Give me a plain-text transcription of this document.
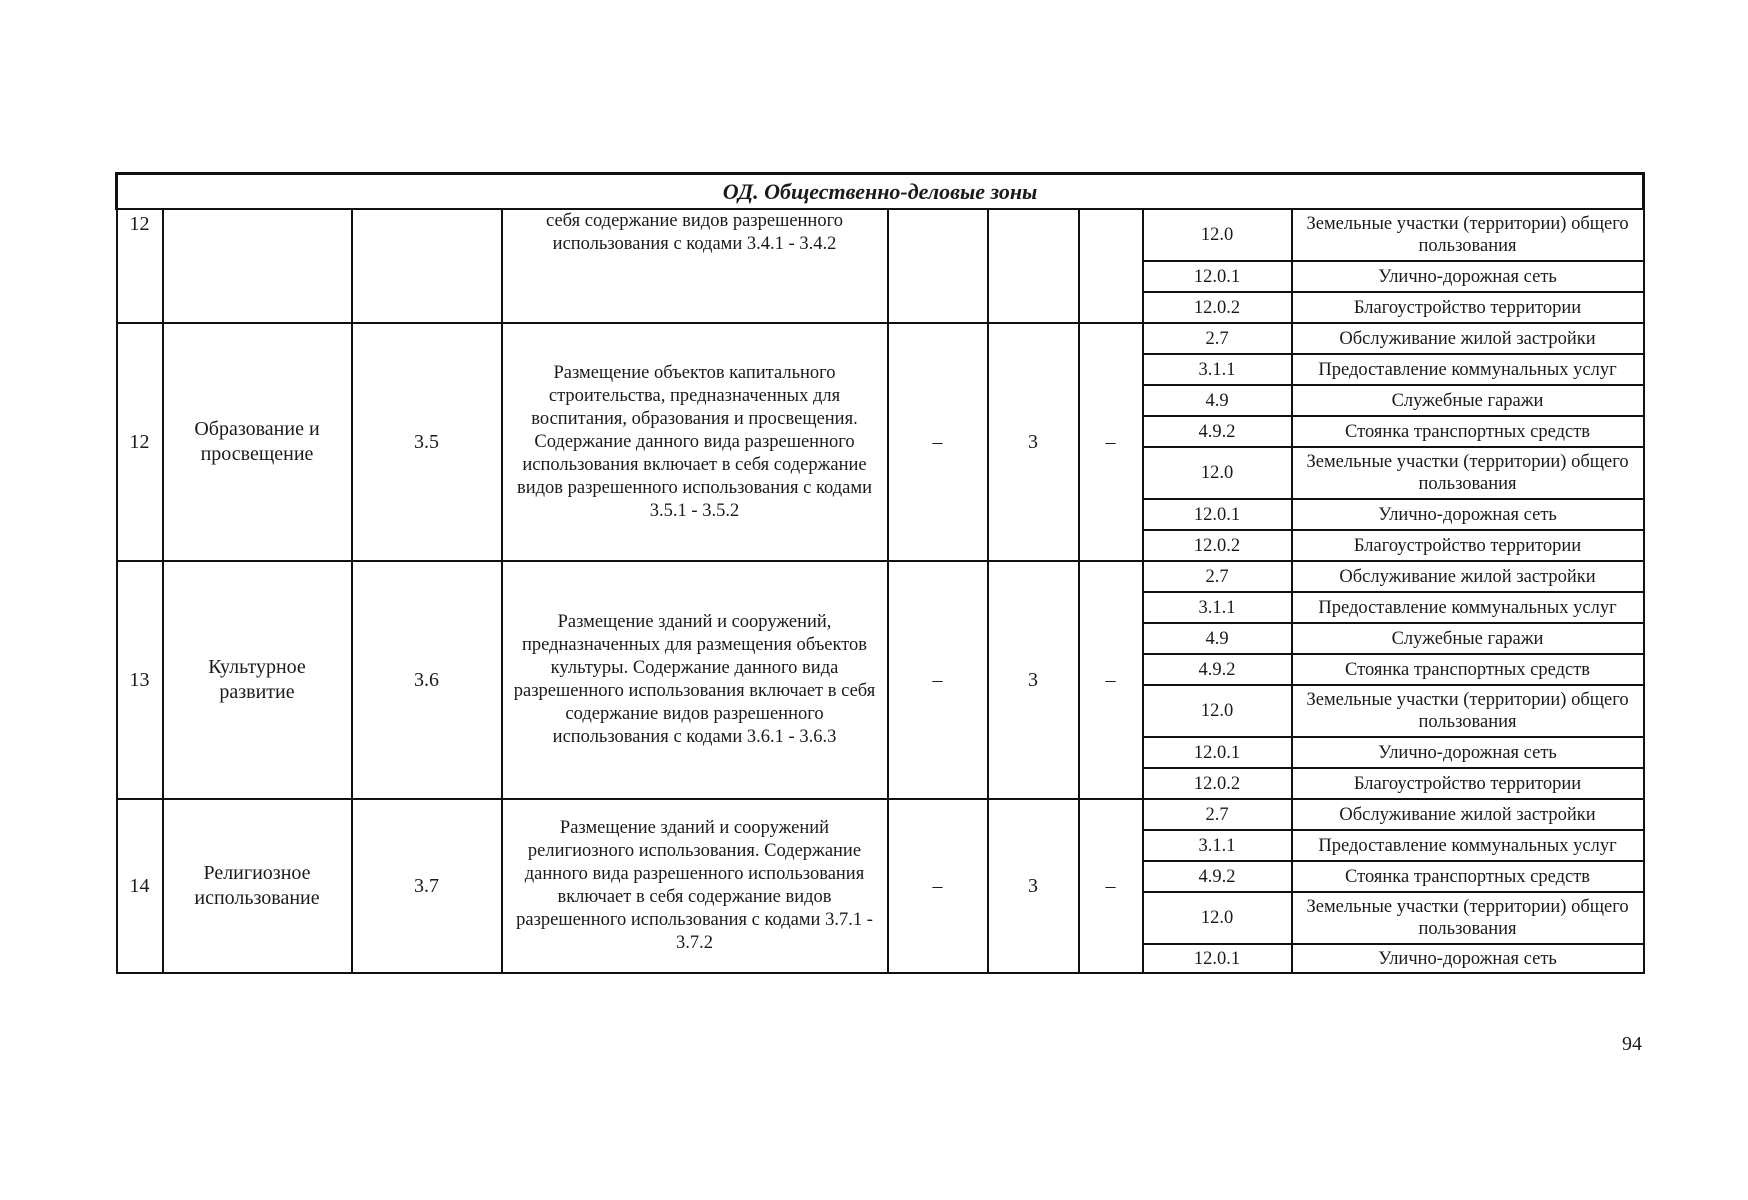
ОД. Общественно-деловые зоны								
12			себя содержание видов разрешенного использования с кодами 3.4.1 - 3.4.2				12.0	Земельные участки (территории) общего пользования
							12.0.1	Улично-дорожная сеть
							12.0.2	Благоустройство территории
12	Образование и просвещение	3.5	Размещение объектов капитального строительства, предназначенных для воспитания, образования и просвещения. Содержание данного вида разрешенного использования включает в себя содержание видов разрешенного использования с кодами 3.5.1 - 3.5.2	–	3	–	2.7	Обслуживание жилой застройки
							3.1.1	Предоставление коммунальных услуг
							4.9	Служебные гаражи
							4.9.2	Стоянка транспортных средств
							12.0	Земельные участки (территории) общего пользования
							12.0.1	Улично-дорожная сеть
							12.0.2	Благоустройство территории
13	Культурное развитие	3.6	Размещение зданий и сооружений, предназначенных для размещения объектов культуры. Содержание данного вида разрешенного использования включает в себя содержание видов разрешенного использования с кодами 3.6.1 - 3.6.3	–	3	–	2.7	Обслуживание жилой застройки
							3.1.1	Предоставление коммунальных услуг
							4.9	Служебные гаражи
							4.9.2	Стоянка транспортных средств
							12.0	Земельные участки (территории) общего пользования
							12.0.1	Улично-дорожная сеть
							12.0.2	Благоустройство территории
14	Религиозное использование	3.7	Размещение зданий и сооружений религиозного использования. Содержание данного вида разрешенного использования включает в себя содержание видов разрешенного использования с кодами 3.7.1 - 3.7.2	–	3	–	2.7	Обслуживание жилой застройки
							3.1.1	Предоставление коммунальных услуг
							4.9.2	Стоянка транспортных средств
							12.0	Земельные участки (территории) общего пользования
							12.0.1	Улично-дорожная сеть
94
